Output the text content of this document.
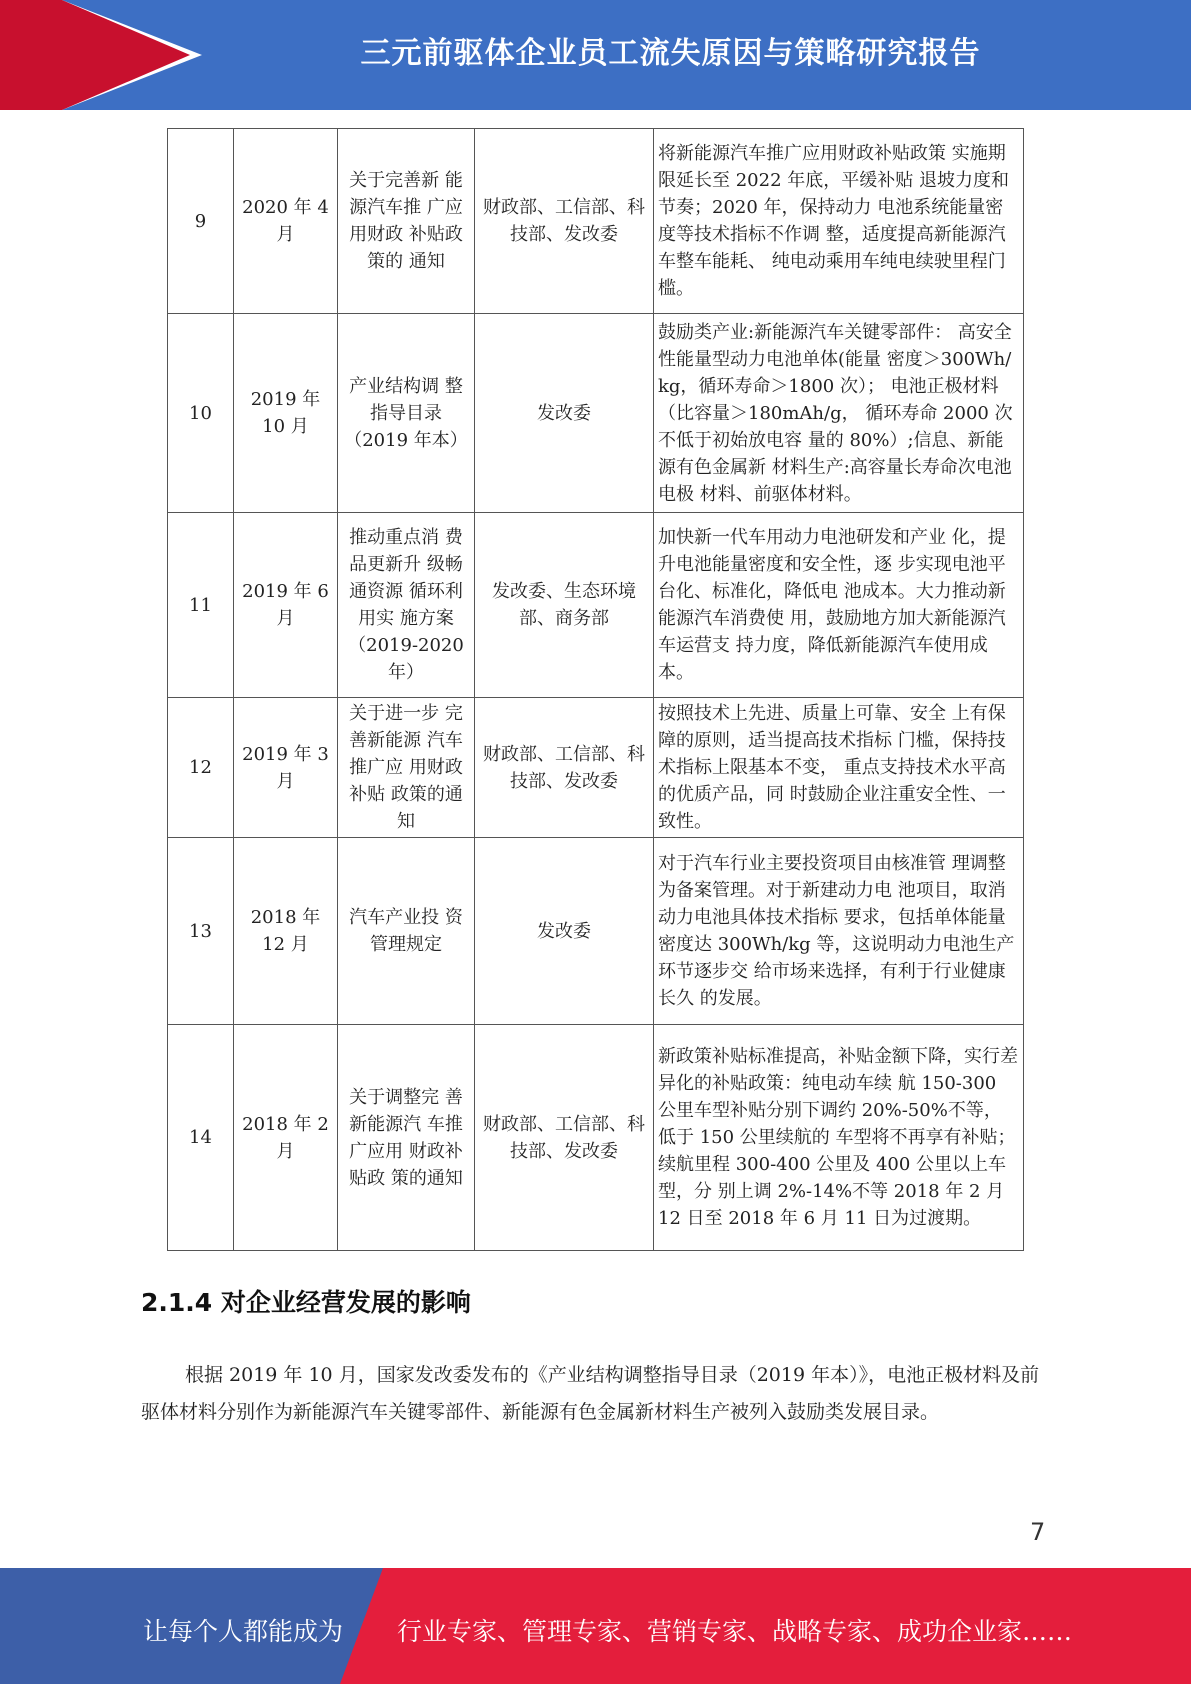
三元前驱体企业员工流失原因与策略研究报告
9	2020 年 4 月	关于完善新 能源汽车推 广应用财政 补贴政策的 通知	财政部、工信部、科技部、发改委	将新能源汽车推广应用财政补贴政策 实施期限延长至 2022 年底，平缓补贴 退坡力度和节奏；2020 年，保持动力 电池系统能量密度等技术指标不作调 整，适度提高新能源汽车整车能耗、 纯电动乘用车纯电续驶里程门槛。
10	2019 年 10 月	产业结构调 整指导目录（2019 年本）	发改委	鼓励类产业:新能源汽车关键零部件： 高安全性能量型动力电池单体(能量 密度＞300Wh/kg，循环寿命＞1800 次）； 电池正极材料（比容量＞180mAh/g， 循环寿命 2000 次不低于初始放电容 量的 80%）;信息、新能源有色金属新 材料生产:高容量长寿命次电池电极 材料、前驱体材料。
11	2019 年 6 月	推动重点消 费品更新升 级畅通资源 循环利用实 施方案（2019-2020 年）	发改委、生态环境部、商务部	加快新一代车用动力电池研发和产业 化，提升电池能量密度和安全性，逐 步实现电池平台化、标准化，降低电 池成本。大力推动新能源汽车消费使 用，鼓励地方加大新能源汽车运营支 持力度，降低新能源汽车使用成本。
12	2019 年 3 月	关于进一步 完善新能源 汽车推广应 用财政补贴 政策的通知	财政部、工信部、科技部、发改委	按照技术上先进、质量上可靠、安全 上有保障的原则，适当提高技术指标 门槛，保持技术指标上限基本不变， 重点支持技术水平高的优质产品，同 时鼓励企业注重安全性、一致性。
13	2018 年 12 月	汽车产业投 资管理规定	发改委	对于汽车行业主要投资项目由核准管 理调整为备案管理。对于新建动力电 池项目，取消动力电池具体技术指标 要求，包括单体能量密度达 300Wh/kg 等，这说明动力电池生产环节逐步交 给市场来选择，有利于行业健康长久 的发展。
14	2018 年 2 月	关于调整完 善新能源汽 车推广应用 财政补贴政 策的通知	财政部、工信部、科技部、发改委	新政策补贴标准提高，补贴金额下降，实行差异化的补贴政策：纯电动车续 航 150-300 公里车型补贴分别下调约 20%-50%不等，低于 150 公里续航的 车型将不再享有补贴；续航里程 300-400 公里及 400 公里以上车型，分 别上调 2%-14%不等 2018 年 2 月 12 日至 2018 年 6 月 11 日为过渡期。
2.1.4 对企业经营发展的影响

根据 2019 年 10 月，国家发改委发布的《产业结构调整指导目录（2019 年本）》，电池正极材料及前驱体材料分别作为新能源汽车关键零部件、新能源有色金属新材料生产被列入鼓励类发展目录。

7
让每个人都能成为 行业专家、管理专家、营销专家、战略专家、成功企业家……
